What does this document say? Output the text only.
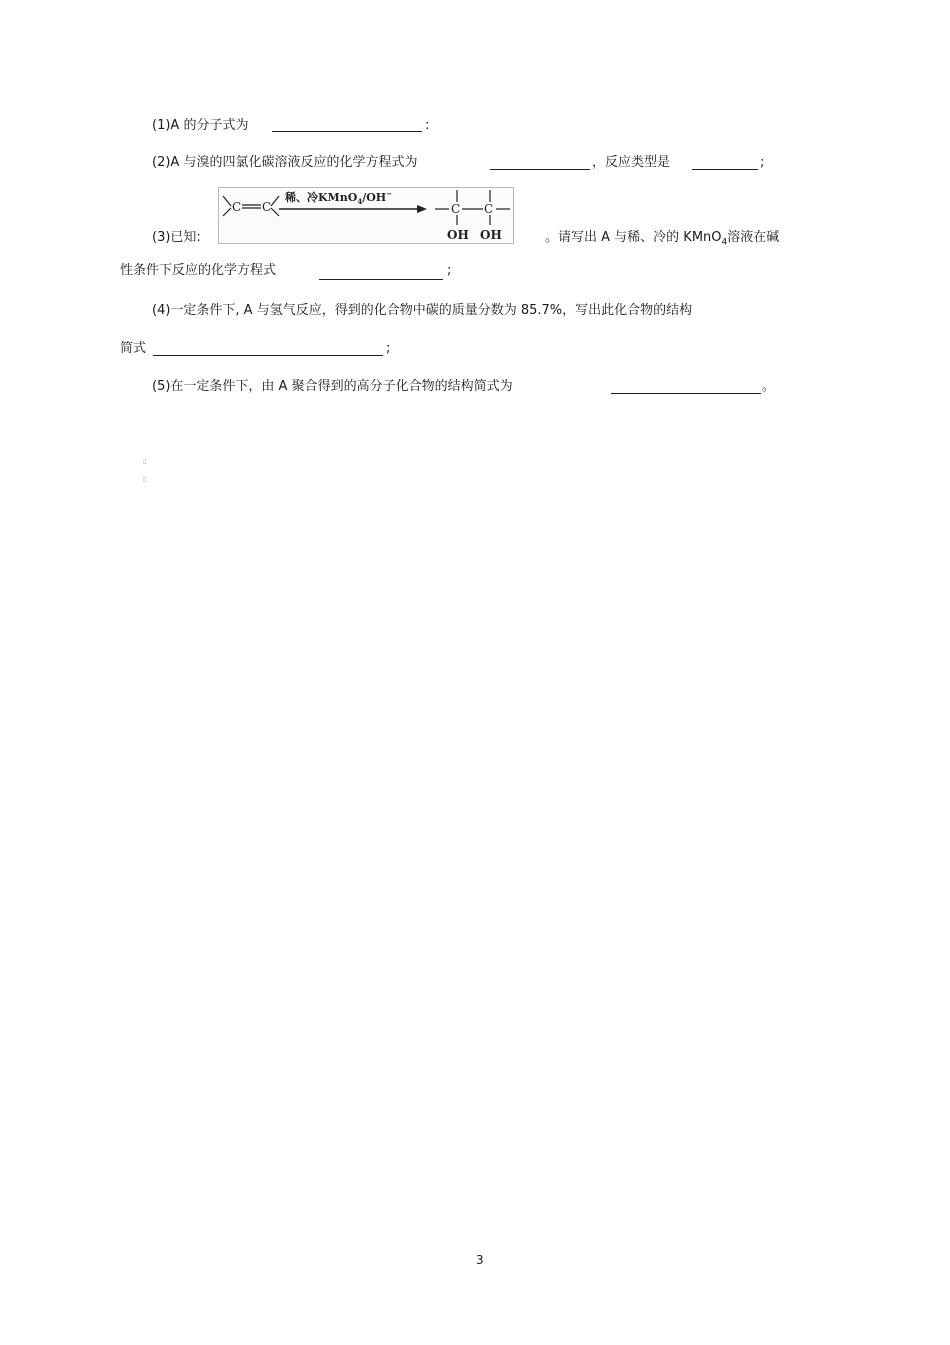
(1)A 的分子式为	:
(2)A 与溴的四氯化碳溶液反应的化学方程式为	，反应类型是	;
(3)已知:
C C
稀、冷KMnO$_4$/OH−
C
OH
C
OH	。请写出 A 与稀、冷的 KMnO$_4$溶液在碱
性条件下反应的化学方程式	;
(4)一定条件下, A 与氢气反应，得到的化合物中碳的质量分数为 85.7%，写出此化合物的结构
简式	;
(5)在一定条件下，由 A 聚合得到的高分子化合物的结构简式为	。
▯
▯
3
